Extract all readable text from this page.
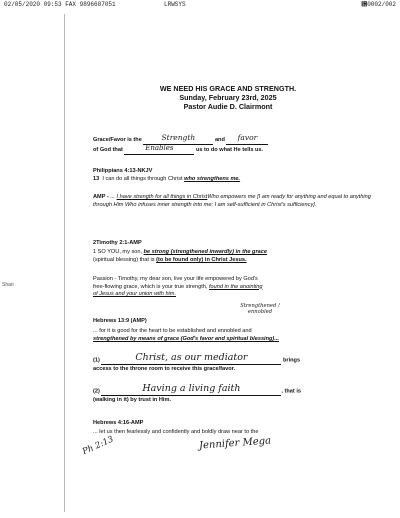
02/05/2020 09:53 FAX 9896687051	LRWSYS	␶0002/002
Shari
WE NEED HIS GRACE AND STRENGTH.
Sunday, February 23rd, 2025
Pastor Audie D. Clairmont
Grace/Favor is the	Strength	and favor
of God that	Enables	us to do what He tells us.
Philippians 4:13-NKJV
13 I can do all things through Christ who strengthens me.
AMP - ... I have strength for all things in ChristWho empowers me [I am ready for anything and equal to anything through Him Who infuses inner strength into me; I am self-sufficient in Christ's sufficiency].
2Timothy 2:1-AMP
1 SO YOU, my son, be strong (strengthened inwardly) in the grace
(spiritual blessing) that is (to be found only) in Christ Jesus.
Passion - Timothy, my dear son, live your life empowered by God's
free-flowing grace, which is your true strength, found in the anointing
of Jesus and your union with him.
Hebrews 13:9 (AMP)
Strengthened / ennobled
... for it is good for the heart to be established and ennobled and
strengthened by means of grace (God's favor and spiritual blessing)...
(1)	Christ, as our mediator	brings
access to the throne room to receive this grace/favor.
(2)	Having a living faith	, that is
(walking in it) by trust in Him.
Hebrews 4:16-AMP
... let us then fearlessly and confidently and boldly draw near to the
Ph 2:13	Jennifer Mega
